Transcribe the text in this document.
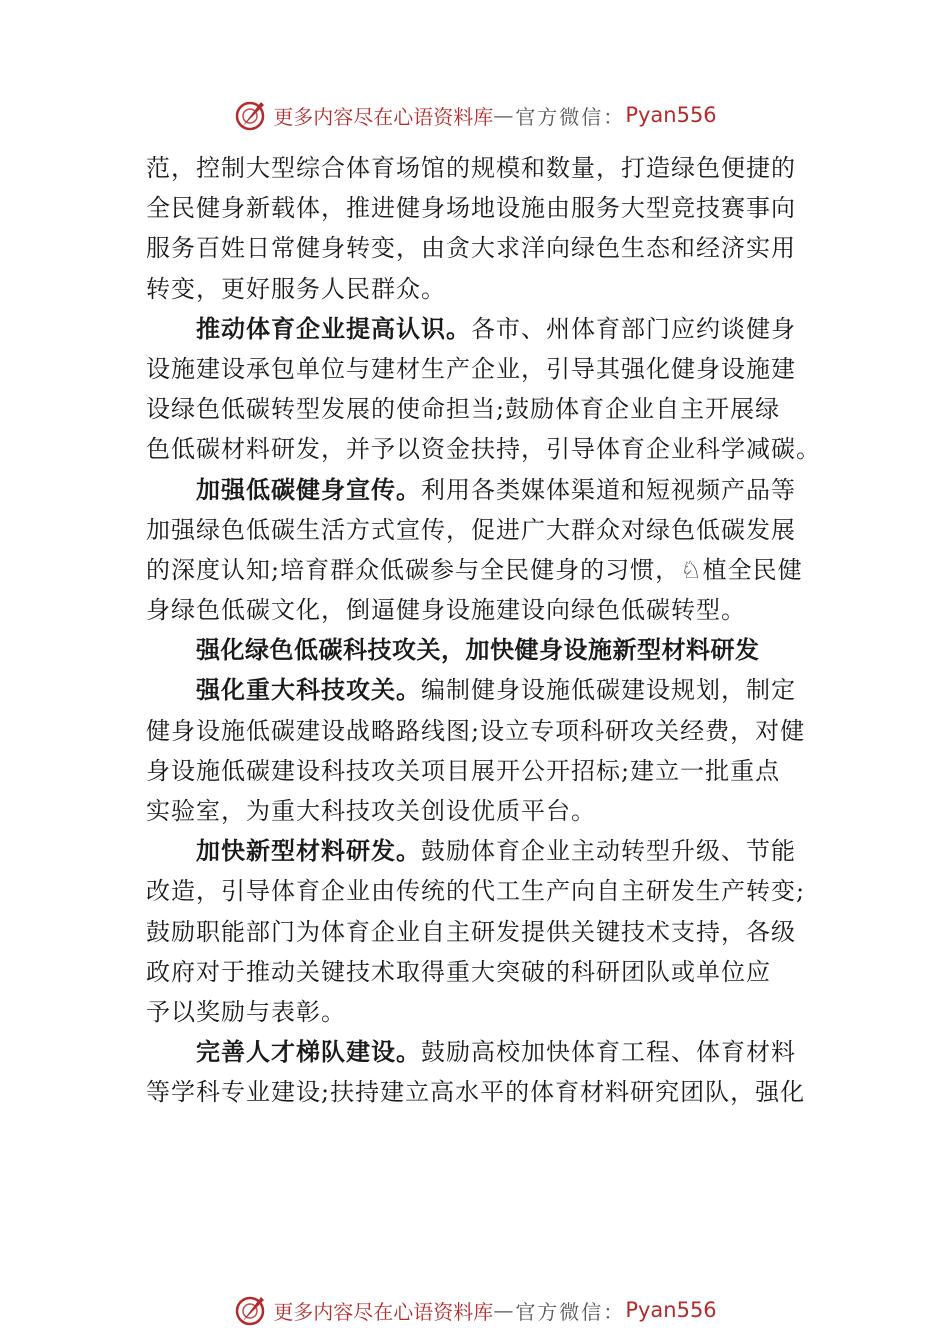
更多内容尽在心语资料库 — 官方微信： Pyan556
范，控制大型综合体育场馆的规模和数量，打造绿色便捷的
全民健身新载体，推进健身场地设施由服务大型竞技赛事向
服务百姓日常健身转变，由贪大求洋向绿色生态和经济实用
转变，更好服务人民群众。
推动体育企业提高认识。各市、州体育部门应约谈健身
设施建设承包单位与建材生产企业，引导其强化健身设施建
设绿色低碳转型发展的使命担当;鼓励体育企业自主开展绿
色低碳材料研发，并予以资金扶持，引导体育企业科学减碳。
加强低碳健身宣传。利用各类媒体渠道和短视频产品等
加强绿色低碳生活方式宣传，促进广大群众对绿色低碳发展
的深度认知;培育群众低碳参与全民健身的习惯，♘植全民健
身绿色低碳文化，倒逼健身设施建设向绿色低碳转型。
强化绿色低碳科技攻关，加快健身设施新型材料研发
强化重大科技攻关。编制健身设施低碳建设规划，制定
健身设施低碳建设战略路线图;设立专项科研攻关经费，对健
身设施低碳建设科技攻关项目展开公开招标;建立一批重点
实验室，为重大科技攻关创设优质平台。
加快新型材料研发。鼓励体育企业主动转型升级、节能
改造，引导体育企业由传统的代工生产向自主研发生产转变;
鼓励职能部门为体育企业自主研发提供关键技术支持，各级
政府对于推动关键技术取得重大突破的科研团队或单位应
予以奖励与表彰。
完善人才梯队建设。鼓励高校加快体育工程、体育材料
等学科专业建设;扶持建立高水平的体育材料研究团队，强化
更多内容尽在心语资料库 — 官方微信： Pyan556
